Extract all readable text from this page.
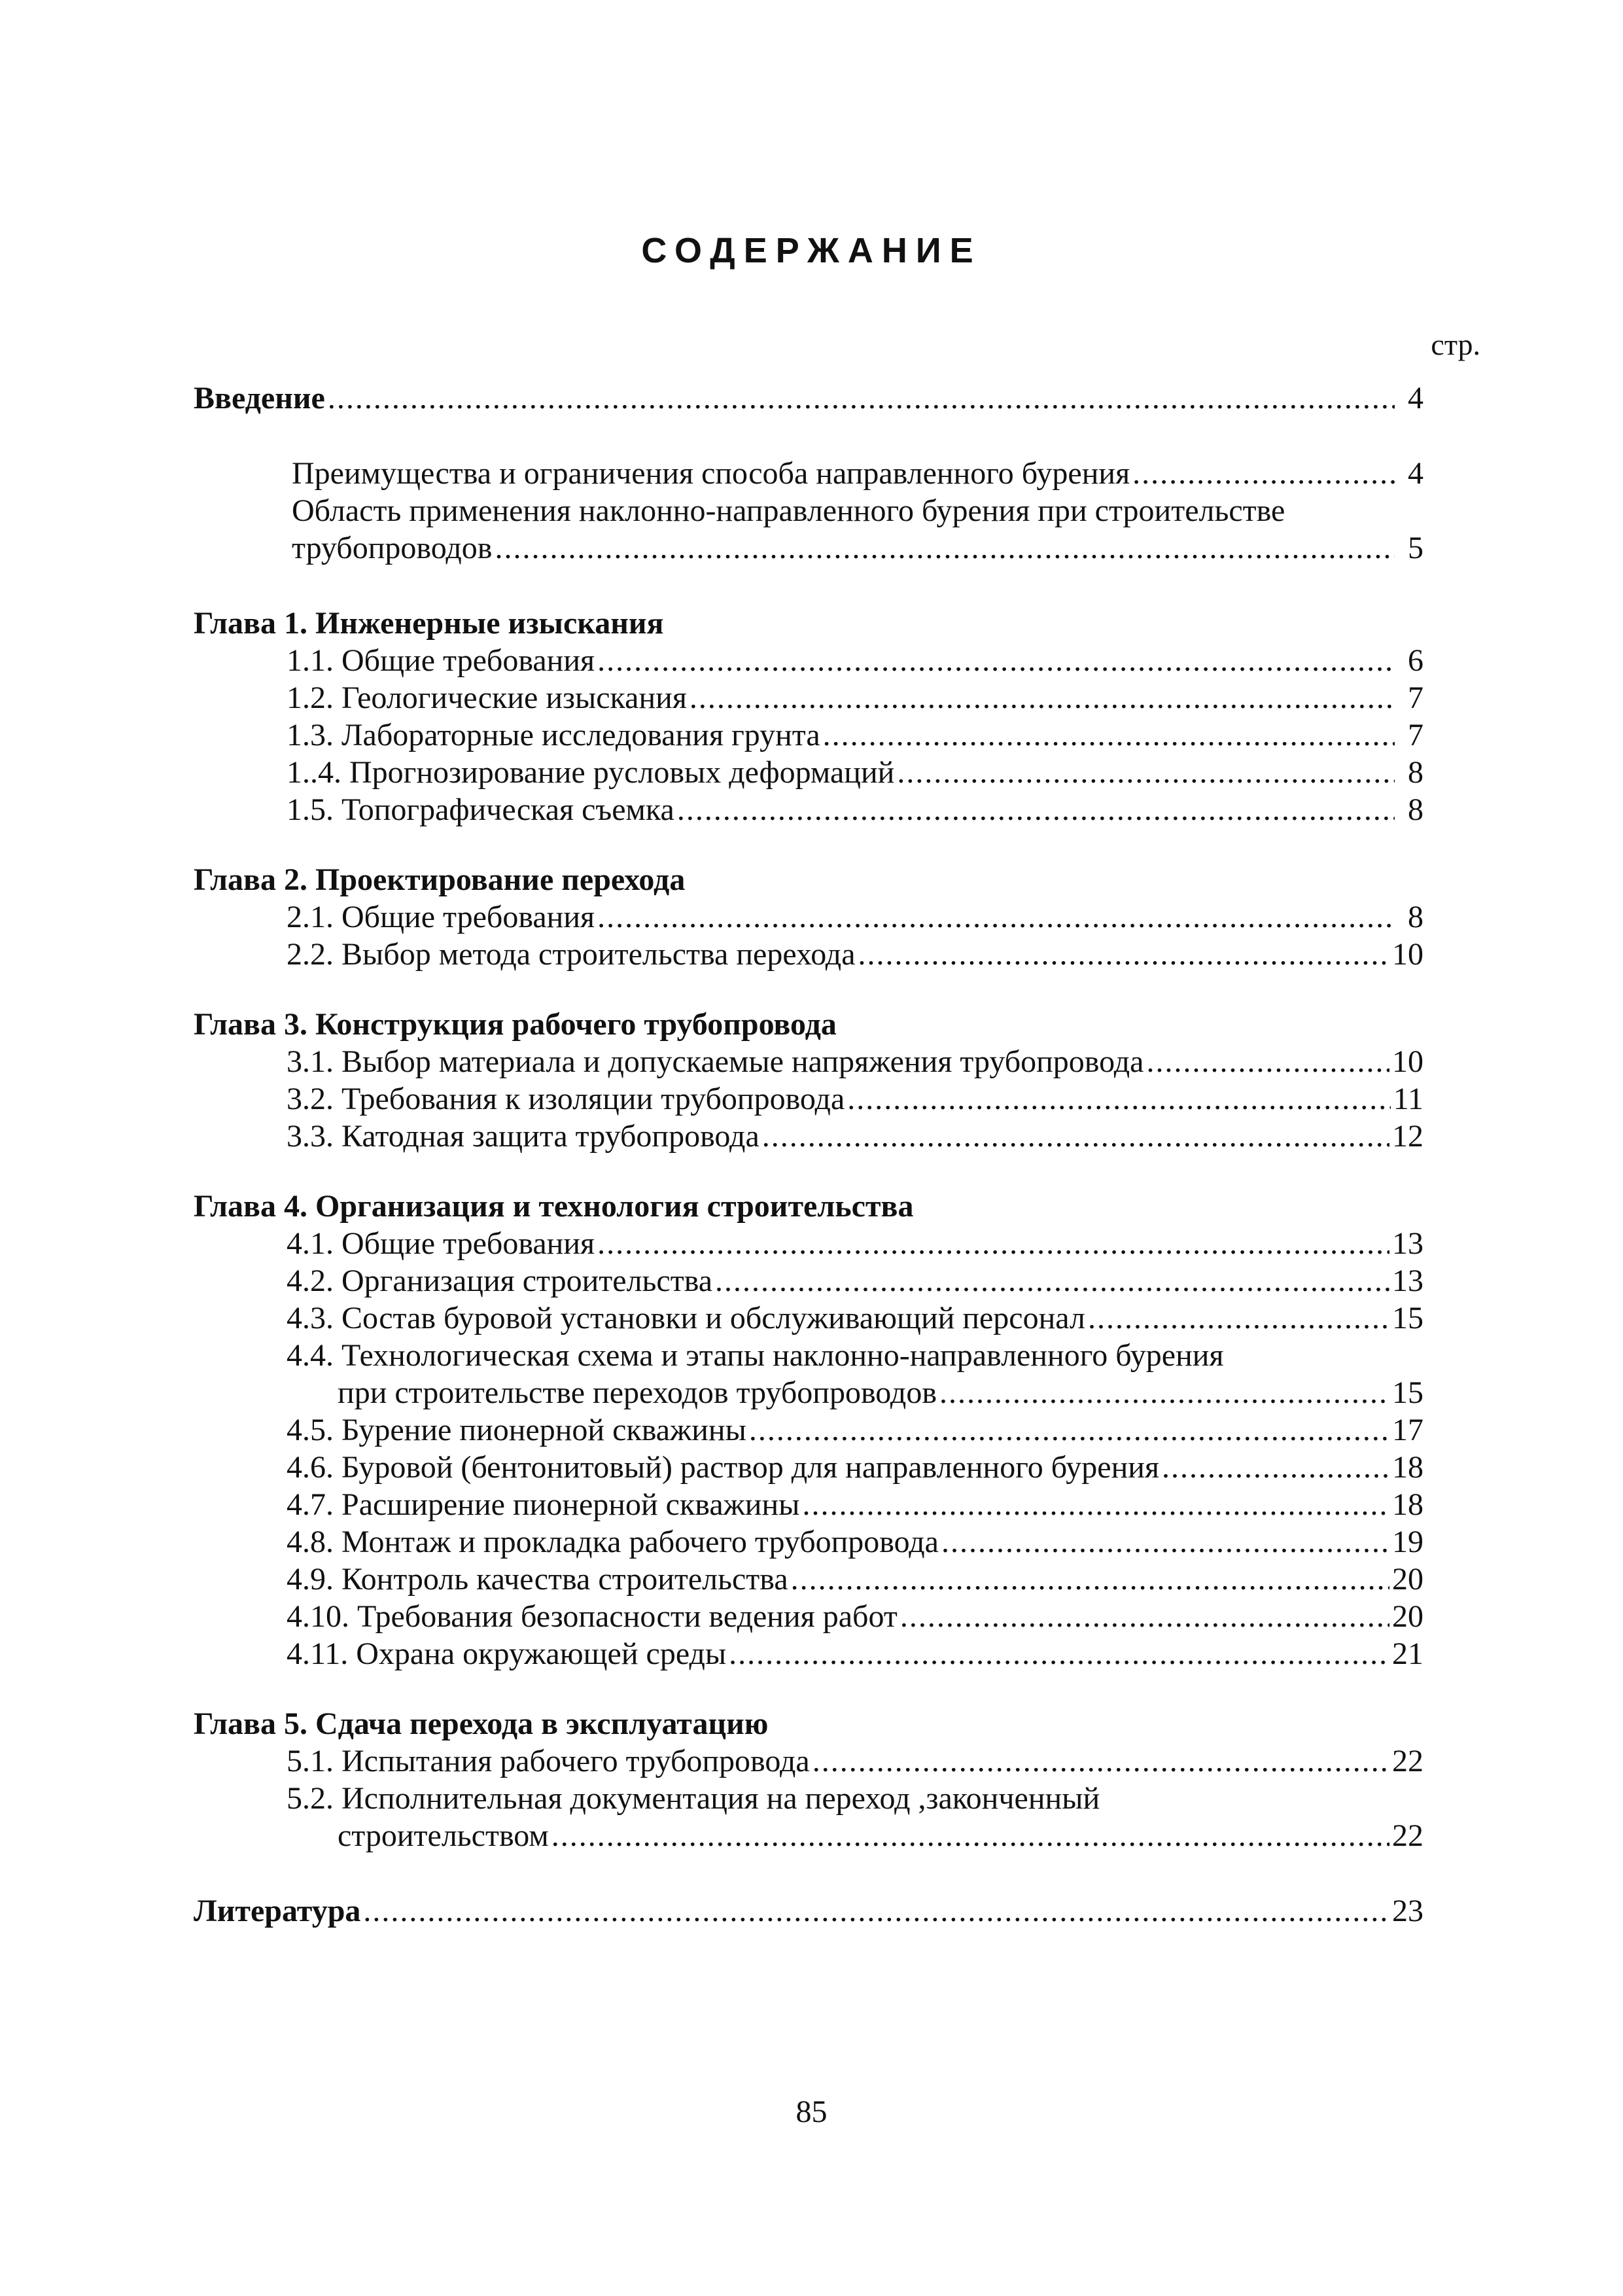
СОДЕРЖАНИЕ
стр.
Введение .....	4
Преимущества и ограничения способа направленного бурения .....	4
Область применения наклонно-направленного бурения при строительстве
трубопроводов .....	5
Глава 1. Инженерные изыскания
1.1. Общие требования .....	6
1.2. Геологические изыскания .....	7
1.3. Лабораторные исследования грунта .....	7
1..4. Прогнозирование русловых деформаций .....	8
1.5. Топографическая съемка .....	8
Глава 2. Проектирование перехода
2.1. Общие требования .....	8
2.2. Выбор метода строительства перехода .....	10
Глава 3. Конструкция рабочего трубопровода
3.1. Выбор материала и допускаемые напряжения трубопровода .....	10
3.2. Требования к изоляции трубопровода .....	11
3.3. Катодная защита трубопровода .....	12
Глава 4. Организация и технология строительства
4.1. Общие требования .....	13
4.2. Организация строительства .....	13
4.3. Состав буровой установки и обслуживающий персонал .....	15
4.4. Технологическая схема и этапы наклонно-направленного бурения
при строительстве переходов трубопроводов .....	15
4.5. Бурение пионерной скважины .....	17
4.6. Буровой (бентонитовый) раствор для направленного бурения .....	18
4.7. Расширение пионерной скважины .....	18
4.8. Монтаж и прокладка рабочего трубопровода .....	19
4.9. Контроль качества строительства .....	20
4.10. Требования безопасности ведения работ .....	20
4.11. Охрана окружающей среды .....	21
Глава 5. Сдача перехода в эксплуатацию
5.1. Испытания рабочего трубопровода .....	22
5.2. Исполнительная документация на переход ,законченный
строительством .....	22
Литература .....	23
85
